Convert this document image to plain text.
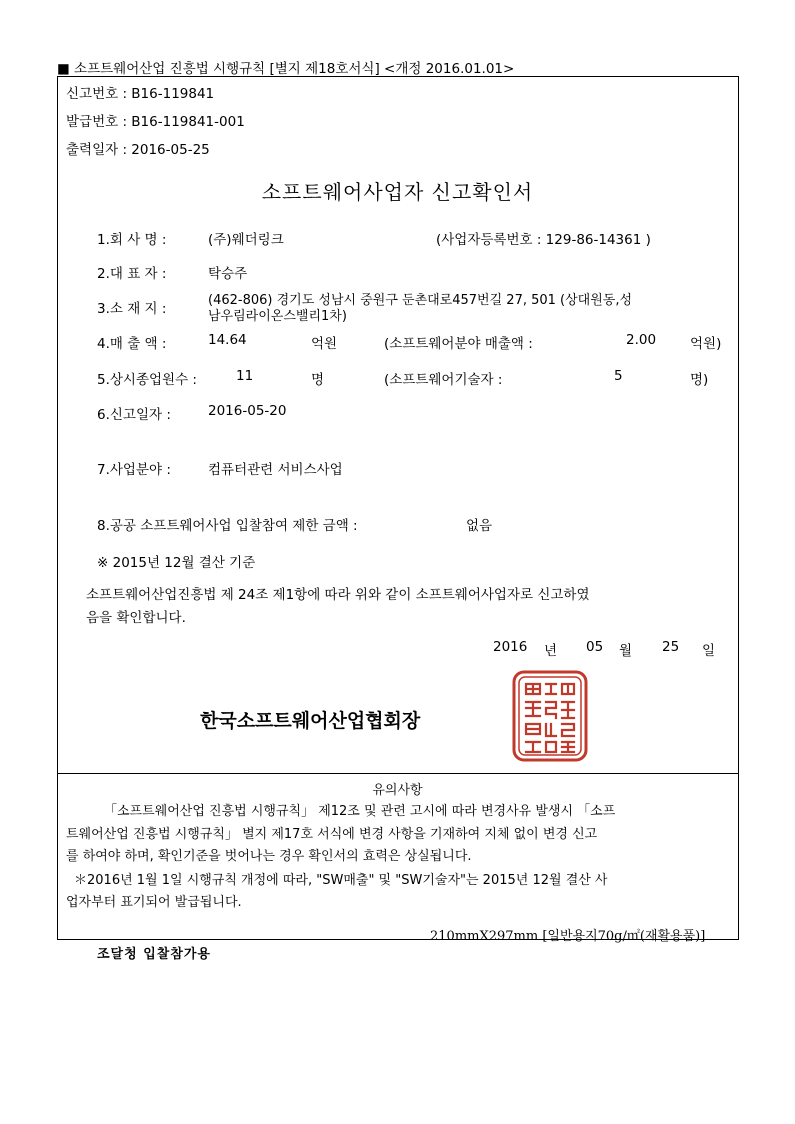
■ 소프트웨어산업 진흥법 시행규칙 [별지 제18호서식] <개정 2016.01.01>
신고번호 : B16-119841
발급번호 : B16-119841-001
출력일자 : 2016-05-25
소프트웨어사업자 신고확인서
1.회 사 명 :	(주)웨더링크	(사업자등록번호 : 129-86-14361 )
2.대 표 자 :	탁승주
3.소 재 지 :
(462-806) 경기도 성남시 중원구 둔촌대로457번길 27, 501 (상대원동,성
남우림라이온스밸리1차)
4.매 출 액 :	14.64	억원	(소프트웨어분야 매출액 :	2.00	억원)
5.상시종업원수 :	11	명	(소프트웨어기술자 :	5	명)
6.신고일자 :	2016-05-20
7.사업분야 :	컴퓨터관련 서비스사업
8.공공 소프트웨어사업 입찰참여 제한 금액 :	없음
※ 2015년 12월 결산 기준
소프트웨어산업진흥법 제 24조 제1항에 따라 위와 같이 소프트웨어사업자로 신고하였
음을 확인합니다.
2016 년 05 월 25 일
한국소프트웨어산업협회장
유의사항
「소프트웨어산업 진흥법 시행규칙」 제12조 및 관련 고시에 따라 변경사유 발생시 「소프
트웨어산업 진흥법 시행규칙」 별지 제17호 서식에 변경 사항을 기재하여 지체 없이 변경 신고
를 하여야 하며, 확인기준을 벗어나는 경우 확인서의 효력은 상실됩니다.
＊2016년 1월 1일 시행규칙 개정에 따라, "SW매출" 및 "SW기술자"는 2015년 12월 결산 사
업자부터 표기되어 발급됩니다.
210mmX297mm [일반용지70g/㎡(재활용품)]
조달청 입찰참가용
